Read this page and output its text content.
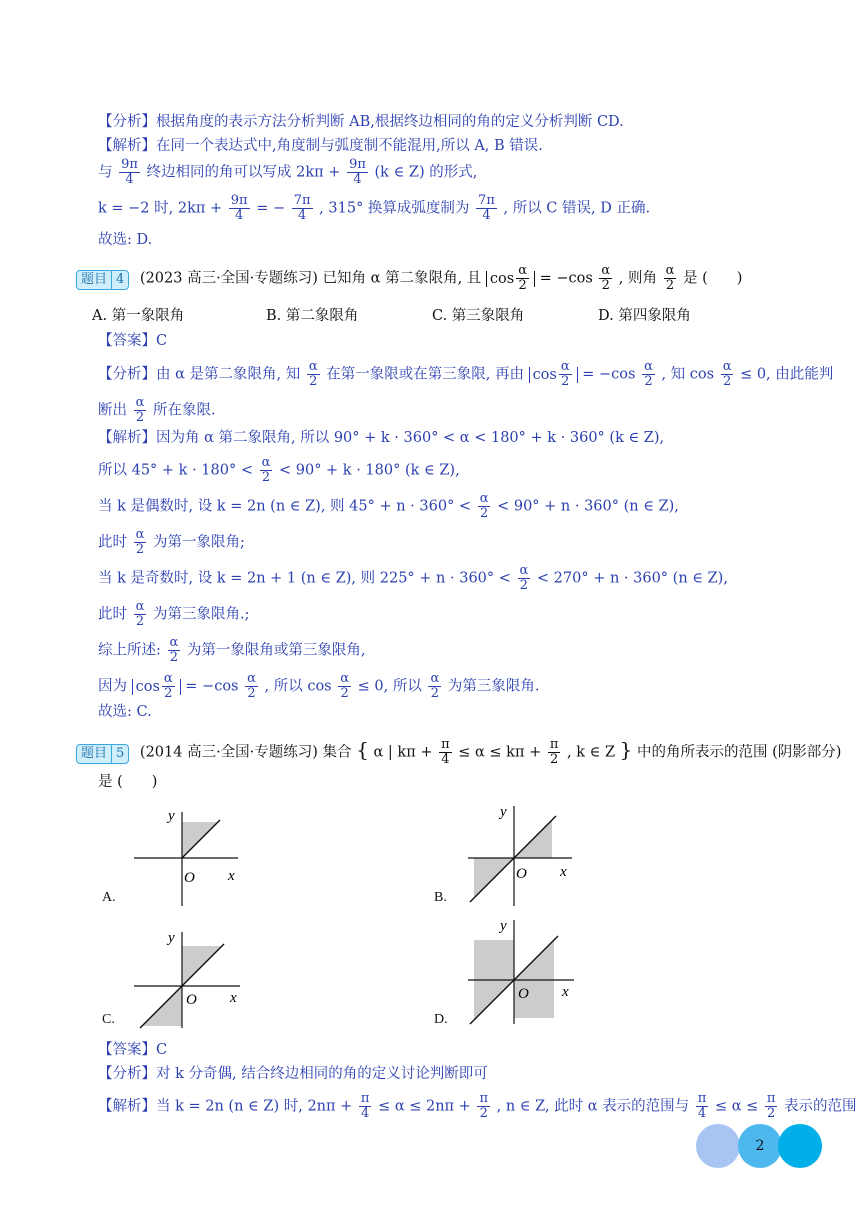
【分析】根据角度的表示方法分析判断 AB,根据终边相同的角的定义分析判断 CD.
【解析】在同一个表达式中,角度制与弧度制不能混用,所以 A, B 错误.
与 $\frac{9\pi}{4}$ 终边相同的角可以写成 $2k\pi + \frac{9\pi}{4} (k$ ∈ Z) 的形式,
k = −2 时, $2k\pi + \frac{9\pi}{4}$ = − $\frac{7\pi}{4}$ , 315° 换算成弧度制为 $\frac{7\pi}{4}$ , 所以 C 错误, D 正确.
故选: D.
题目 4 (2023 高三·全国·专题练习) 已知角 α 第二象限角, 且 $\cos \frac{\alpha}{2} = -\cos \frac{\alpha}{2}$ , 则角 $\frac{\alpha}{2}$ 是 (　　)
A. 第一象限角	B. 第二象限角	C. 第三象限角	D. 第四象限角
【答案】C
【分析】由 α 是第二象限角, 知 $\frac{\alpha}{2}$ 在第一象限或在第三象限, 再由 $\cos \frac{\alpha}{2} = -\cos \frac{\alpha}{2}$ , 知 $\cos \frac{\alpha}{2} \le 0$, 由此能判
断出 $\frac{\alpha}{2}$ 所在象限.
【解析】因为角 α 第二象限角, 所以 90° + k · 360° < α < 180° + k · 360° (k ∈ Z),
所以 $45^\circ + k \cdot 180^\circ < \frac{\alpha}{2} < 90^\circ + k \cdot 180^\circ$ (k ∈ Z),
当 k 是偶数时, 设 k = 2n (n ∈ Z), 则 $45^\circ + n \cdot 360^\circ < \frac{\alpha}{2} < 90^\circ + n \cdot 360^\circ$ (n ∈ Z),
此时 $\frac{\alpha}{2}$ 为第一象限角;
当 k 是奇数时, 设 k = 2n + 1 (n ∈ Z), 则 $225^\circ + n \cdot 360^\circ < \frac{\alpha}{2} < 270^\circ + n \cdot 360^\circ$ (n ∈ Z),
此时 $\frac{\alpha}{2}$ 为第三象限角.;
综上所述: $\frac{\alpha}{2}$ 为第一象限角或第三象限角,
因为 $\cos \frac{\alpha}{2} = -\cos \frac{\alpha}{2}$ , 所以 $\cos \frac{\alpha}{2} \le 0$, 所以 $\frac{\alpha}{2}$ 为第三象限角.
故选: C.
题目 5 (2014 高三·全国·专题练习) 集合 { α | $k\pi + \frac{\pi}{4} \le \alpha \le k\pi + \frac{\pi}{2}$ , k ∈ Z } 中的角所表示的范围 (阴影部分)
是 (　　)
y
x
O
A.
y
x
O
B.
y
x
O
C.
y
x
O
D.
【答案】C
【分析】对 k 分奇偶, 结合终边相同的角的定义讨论判断即可
【解析】当 k = 2n (n ∈ Z) 时, $2n\pi + \frac{\pi}{4} \le \alpha \le 2n\pi + \frac{\pi}{2}$ , n ∈ Z, 此时 α 表示的范围与 $\frac{\pi}{4} \le \alpha \le \frac{\pi}{2}$ 表示的范围
2
